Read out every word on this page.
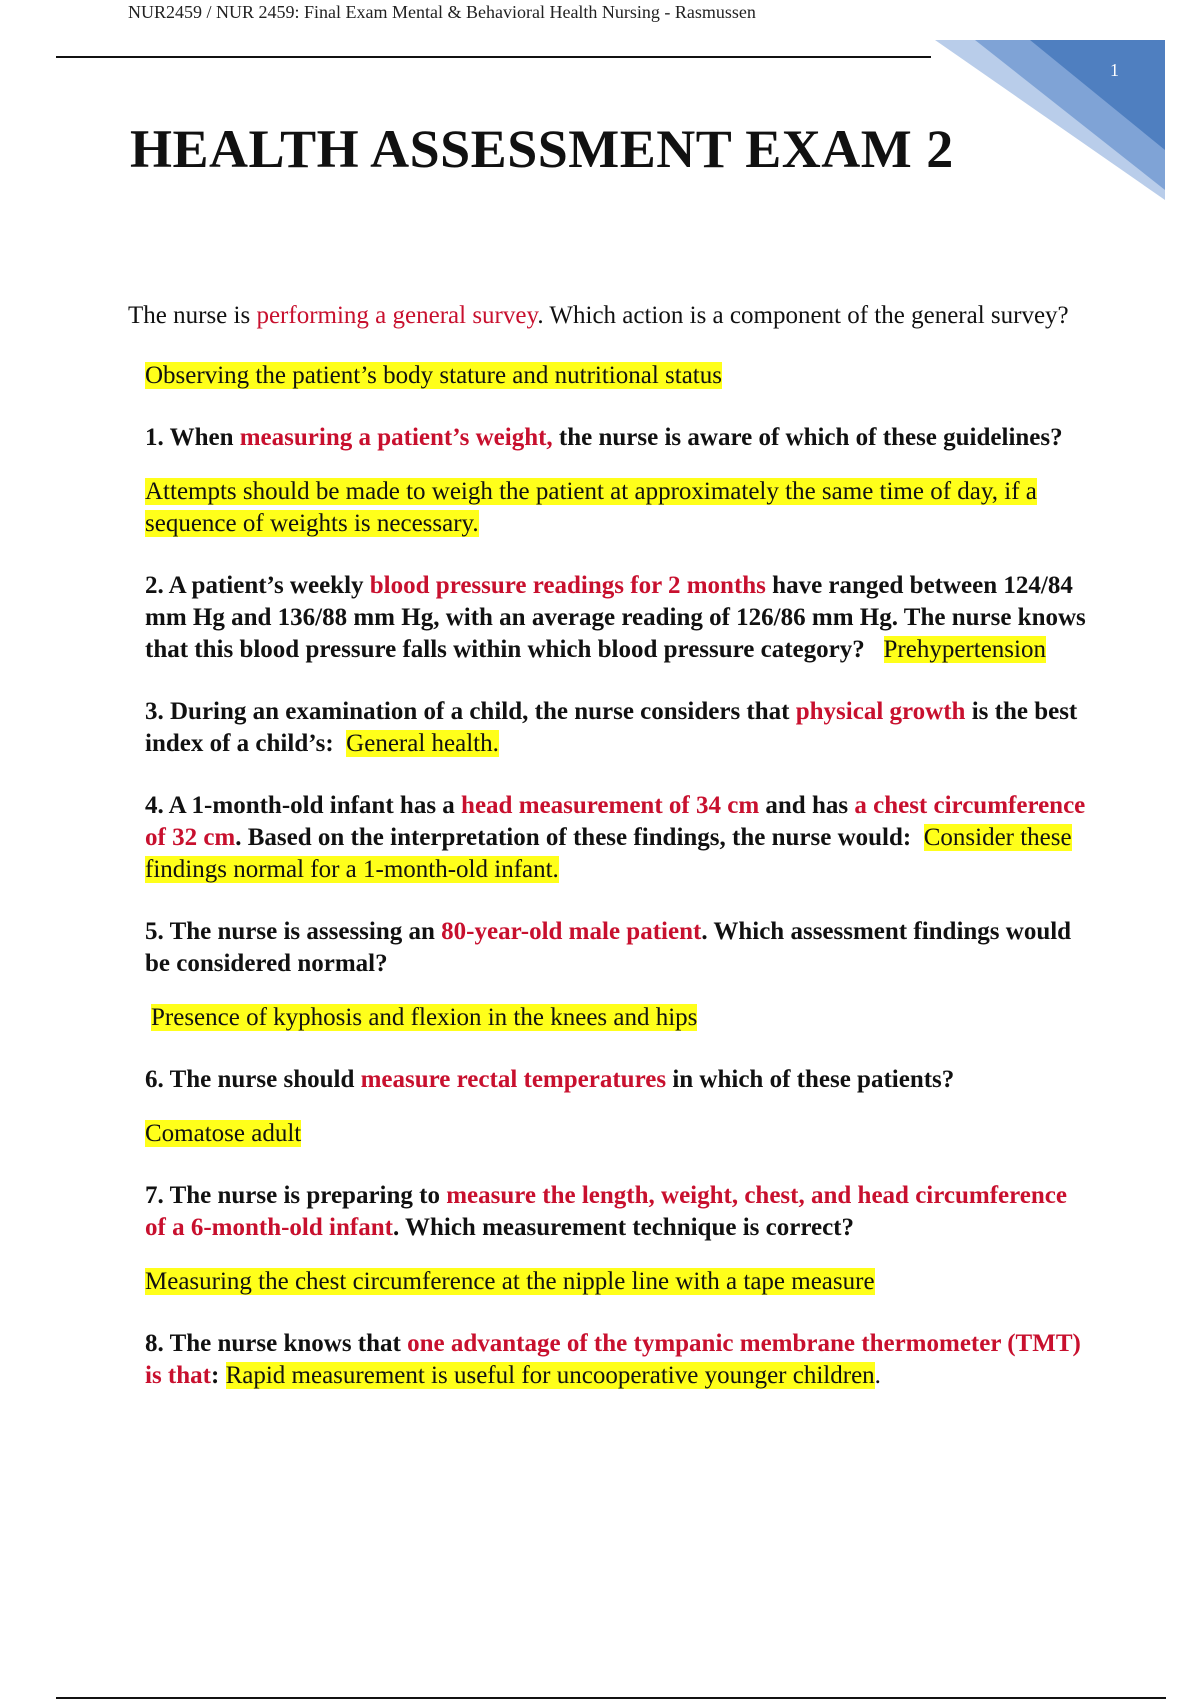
NUR2459 / NUR 2459: Final Exam Mental & Behavioral Health Nursing - Rasmussen
1
HEALTH ASSESSMENT EXAM 2

The nurse is performing a general survey. Which action is a component of the general survey?

Observing the patient’s body stature and nutritional status

1. When measuring a patient’s weight, the nurse is aware of which of these guidelines?

Attempts should be made to weigh the patient at approximately the same time of day, if a sequence of weights is necessary.

2. A patient’s weekly blood pressure readings for 2 months have ranged between 124/84 mm Hg and 136/88 mm Hg, with an average reading of 126/86 mm Hg. The nurse knows that this blood pressure falls within which blood pressure category? Prehypertension

3. During an examination of a child, the nurse considers that physical growth is the best index of a child’s: General health.

4. A 1-month-old infant has a head measurement of 34 cm and has a chest circumference of 32 cm. Based on the interpretation of these findings, the nurse would: Consider these findings normal for a 1-month-old infant.

5. The nurse is assessing an 80-year-old male patient. Which assessment findings would be considered normal?

Presence of kyphosis and flexion in the knees and hips

6. The nurse should measure rectal temperatures in which of these patients?

Comatose adult

7. The nurse is preparing to measure the length, weight, chest, and head circumference of a 6-month-old infant. Which measurement technique is correct?

Measuring the chest circumference at the nipple line with a tape measure

8. The nurse knows that one advantage of the tympanic membrane thermometer (TMT) is that: Rapid measurement is useful for uncooperative younger children.
